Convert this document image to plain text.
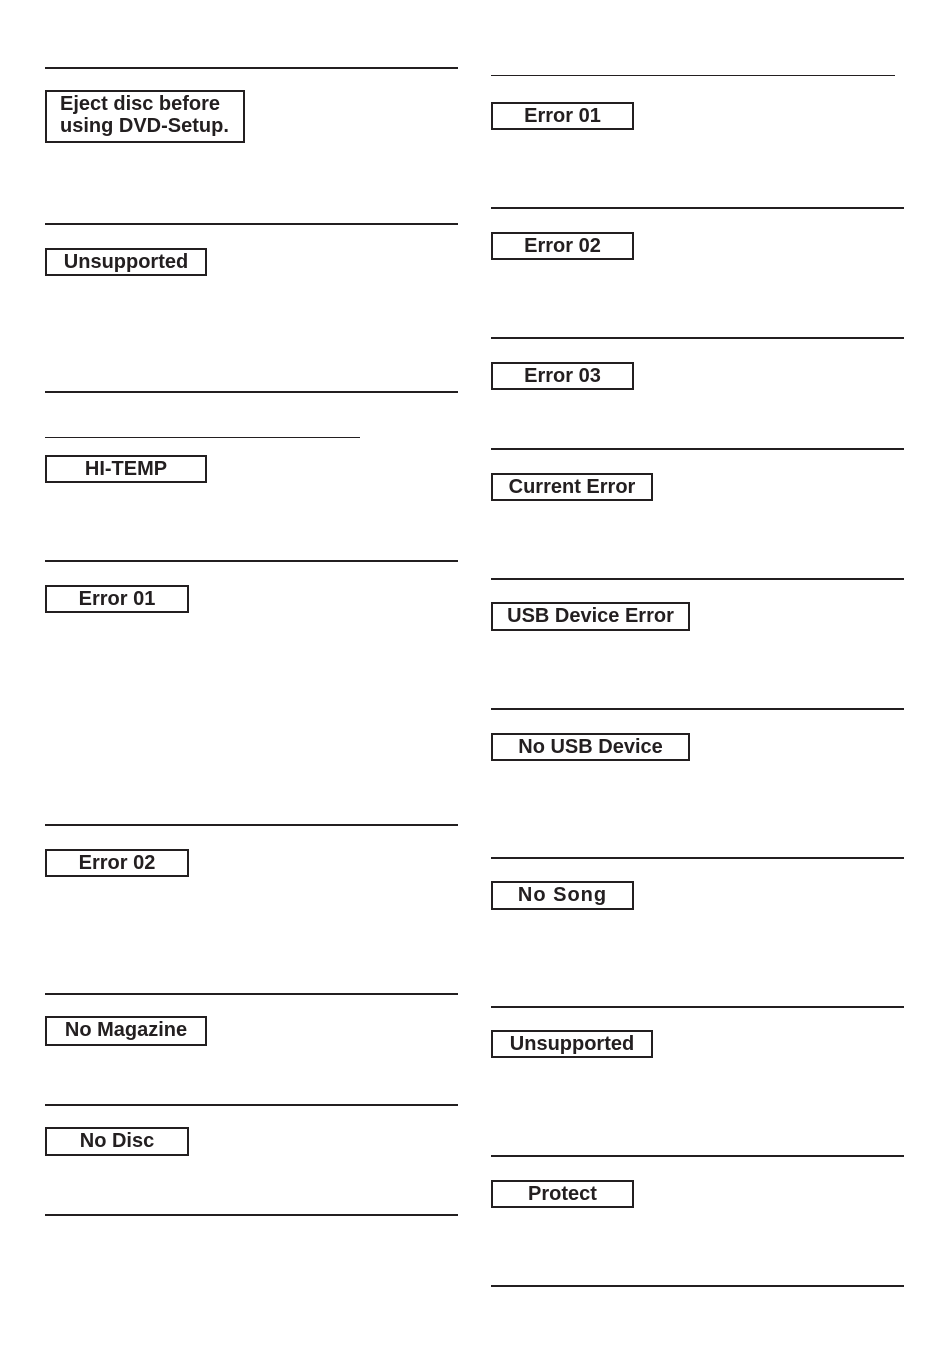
Eject disc before
using DVD-Setup.
Unsupported
HI-TEMP
Error 01
Error 02
No Magazine
No Disc
Error 01
Error 02
Error 03
Current Error
USB Device Error
No USB Device
No Song
Unsupported
Protect
